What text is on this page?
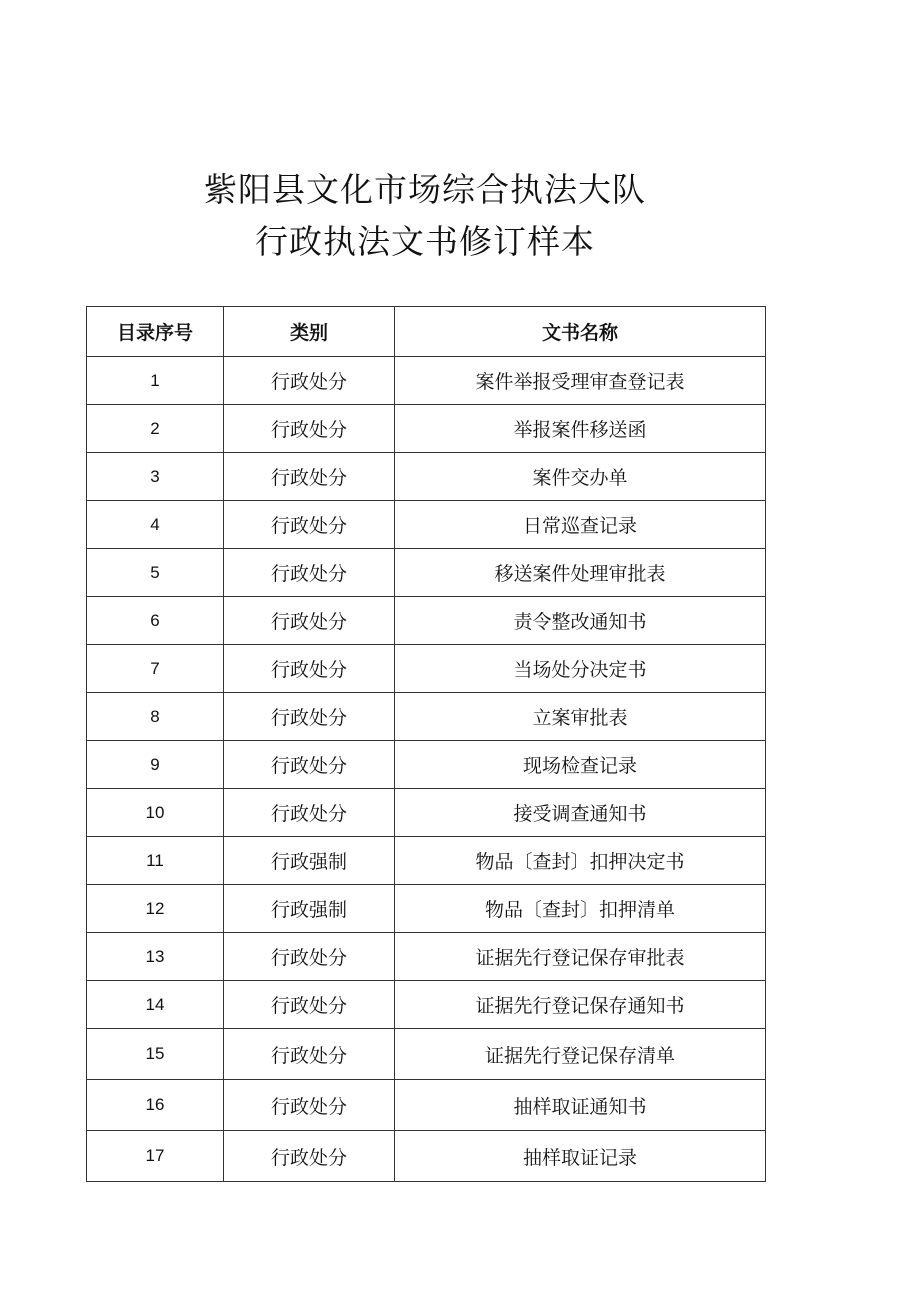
紫阳县文化市场综合执法大队
行政执法文书修订样本
目录序号	类别	文书名称
1	行政处分	案件举报受理审查登记表
2	行政处分	举报案件移送函
3	行政处分	案件交办单
4	行政处分	日常巡查记录
5	行政处分	移送案件处理审批表
6	行政处分	责令整改通知书
7	行政处分	当场处分决定书
8	行政处分	立案审批表
9	行政处分	现场检查记录
10	行政处分	接受调查通知书
11	行政强制	物品〔查封〕扣押决定书
12	行政强制	物品〔查封〕扣押清单
13	行政处分	证据先行登记保存审批表
14	行政处分	证据先行登记保存通知书
15	行政处分	证据先行登记保存清单
16	行政处分	抽样取证通知书
17	行政处分	抽样取证记录
